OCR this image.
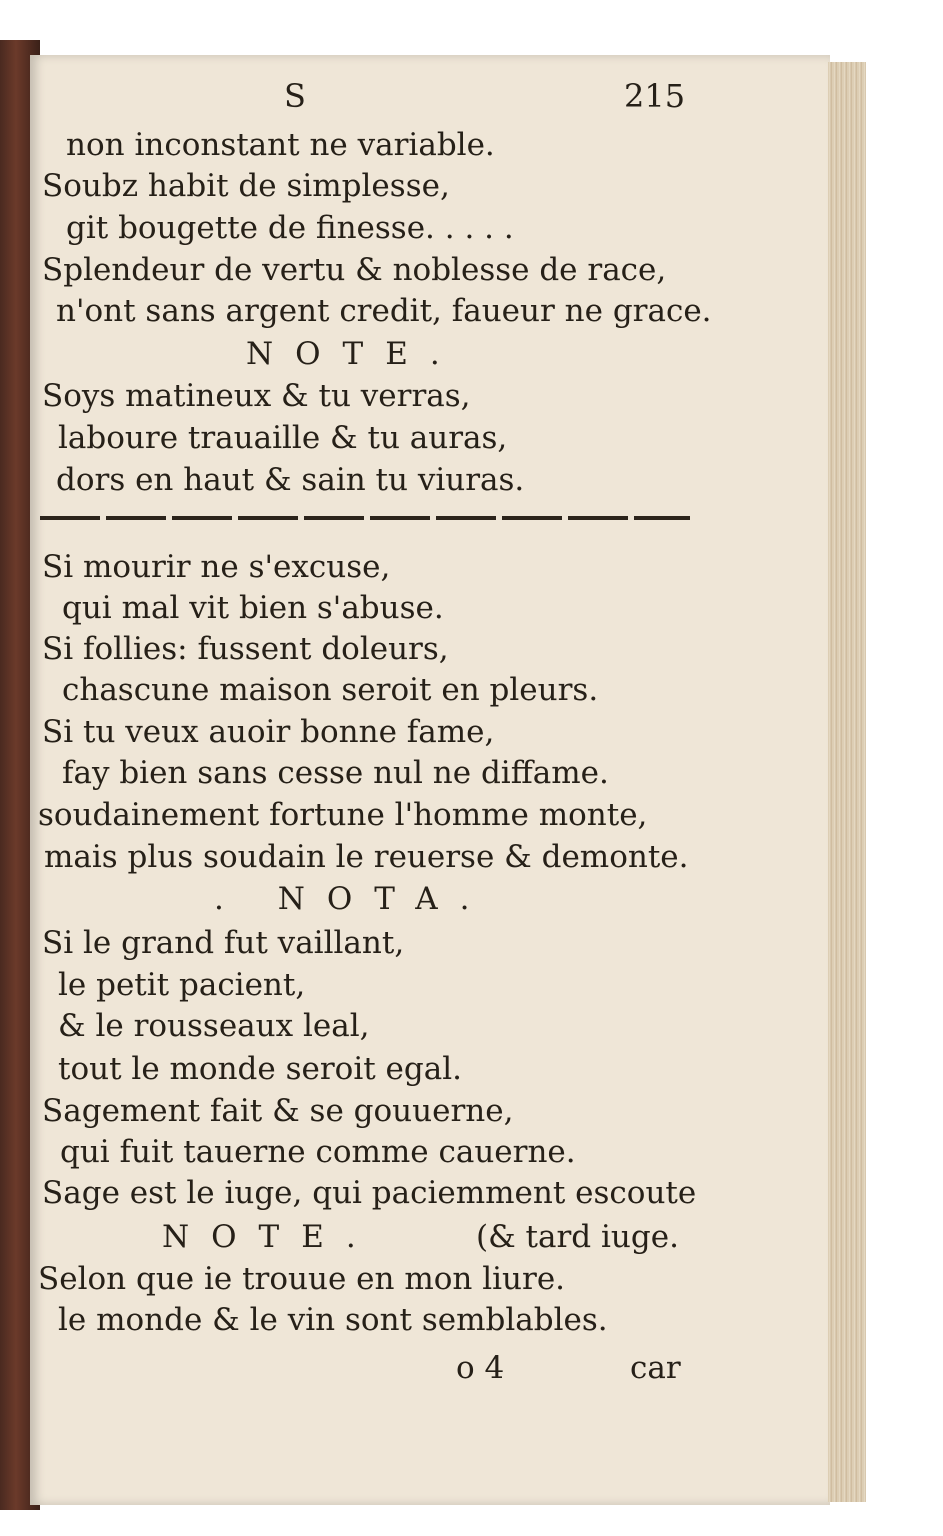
S	215
non inconstant ne variable.
Soubz habit de simplesse,
git bougette de finesse. . . . .
Splendeur de vertu & noblesse de race,
n'ont sans argent credit, faueur ne grace.
NOTE.
Soys matineux & tu verras,
laboure trauaille & tu auras,
dors en haut & sain tu viuras.
Si mourir ne s'excuse,
qui mal vit bien s'abuse.
Si follies: fussent doleurs,
chascune maison seroit en pleurs.
Si tu veux auoir bonne fame,
fay bien sans cesse nul ne diffame.
soudainement fortune l'homme monte,
mais plus soudain le reuerse & demonte.
. NOTA.
Si le grand fut vaillant,
le petit pacient,
& le rousseaux leal,
tout le monde seroit egal.
Sagement fait & se gouuerne,
qui fuit tauerne comme cauerne.
Sage est le iuge, qui paciemment escoute
NOTE.	(& tard iuge.
Selon que ie trouue en mon liure.
le monde & le vin sont semblables.
o 4	car
